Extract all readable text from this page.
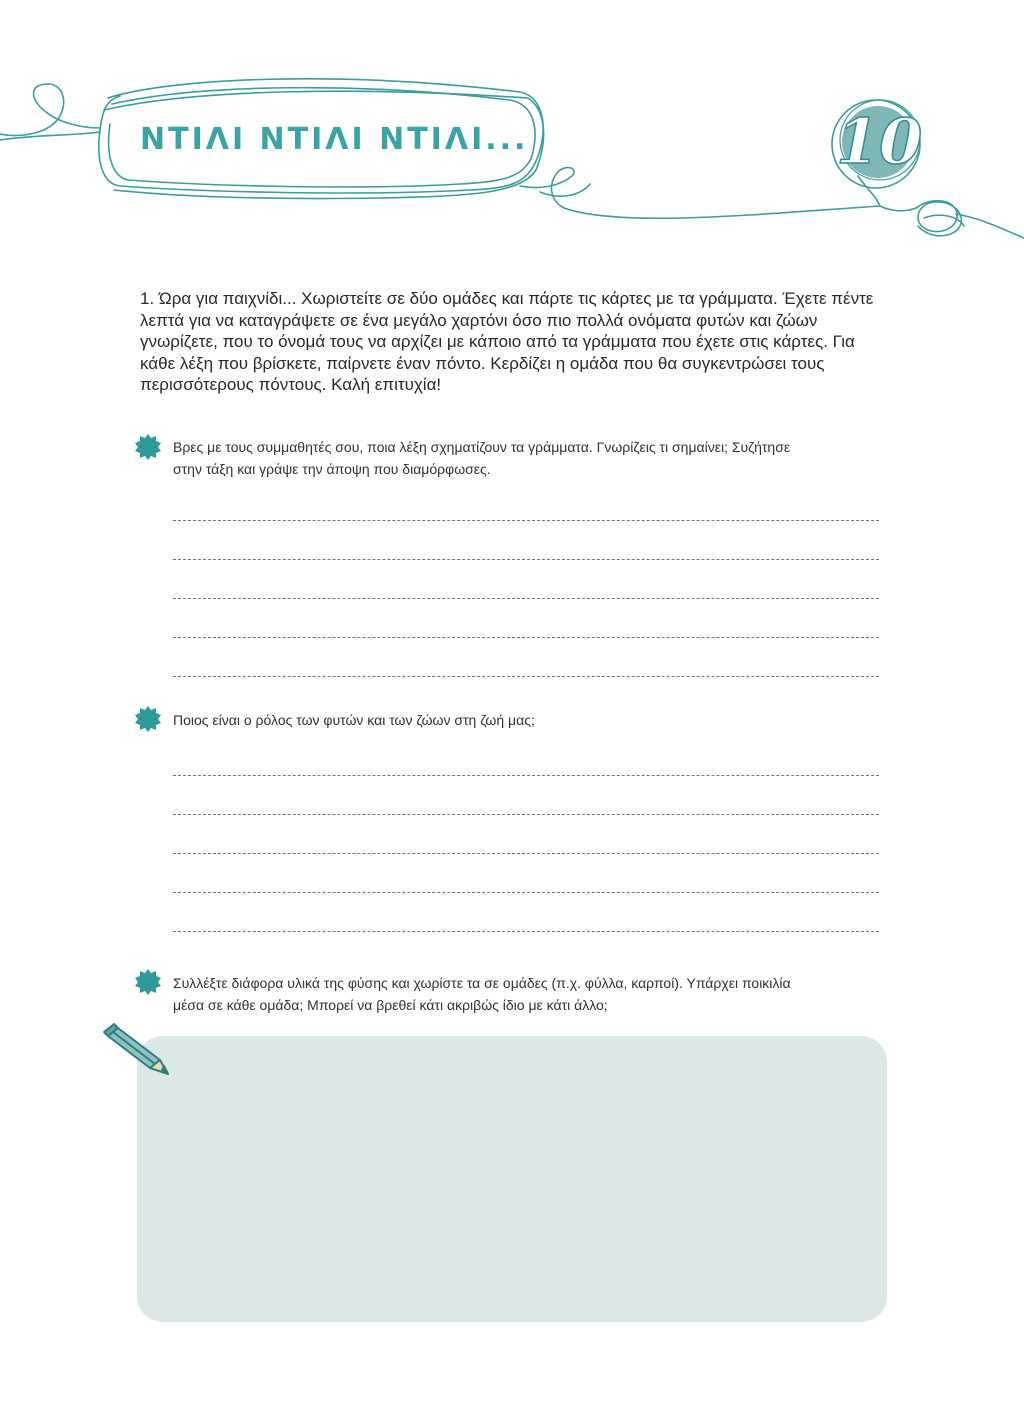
ΝΤΙΛΙ ΝΤΙΛΙ ΝΤΙΛΙ...	10

1. Ώρα για παιχνίδι... Χωριστείτε σε δύο ομάδες και πάρτε τις κάρτες με τα γράμματα. Έχετε πέντε λεπτά για να καταγράψετε σε ένα μεγάλο χαρτόνι όσο πιο πολλά ονόματα φυτών και ζώων γνωρίζετε, που το όνομά τους να αρχίζει με κάποιο από τα γράμματα που έχετε στις κάρτες. Για κάθε λέξη που βρίσκετε, παίρνετε έναν πόντο. Κερδίζει η ομάδα που θα συγκεντρώσει τους περισσότερους πόντους. Καλή επιτυχία!

Βρες με τους συμμαθητές σου, ποια λέξη σχηματίζουν τα γράμματα. Γνωρίζεις τι σημαίνει; Συζήτησε
στην τάξη και γράψε την άποψη που διαμόρφωσες.
Ποιος είναι ο ρόλος των φυτών και των ζώων στη ζωή μας;
Συλλέξτε διάφορα υλικά της φύσης και χωρίστε τα σε ομάδες (π.χ. φύλλα, καρποί). Υπάρχει ποικιλία
μέσα σε κάθε ομάδα; Μπορεί να βρεθεί κάτι ακριβώς ίδιο με κάτι άλλο;
